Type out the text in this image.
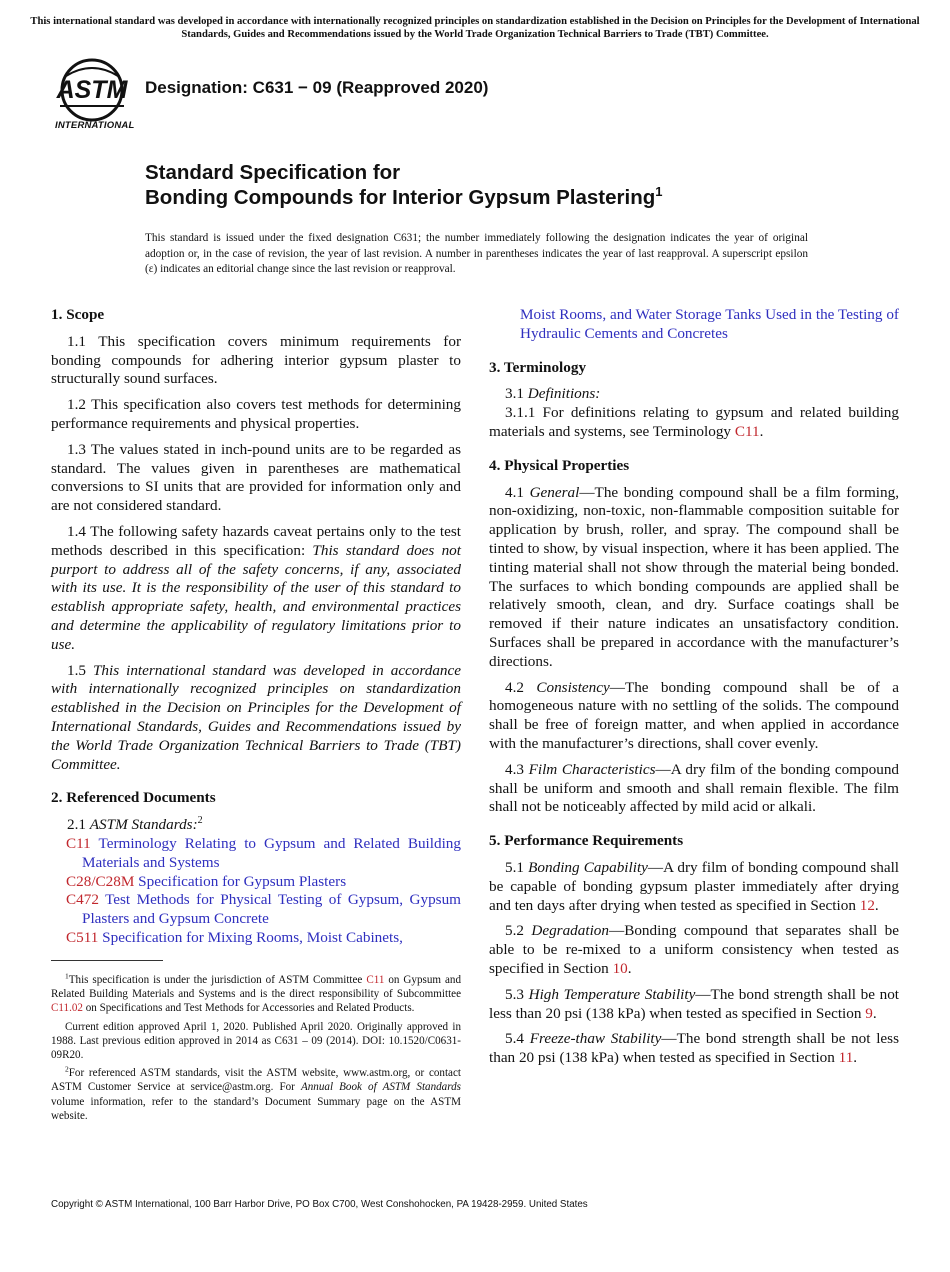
This international standard was developed in accordance with internationally recognized principles on standardization established in the Decision on Principles for the Development of International Standards, Guides and Recommendations issued by the World Trade Organization Technical Barriers to Trade (TBT) Committee.
ASTM
INTERNATIONAL
Designation: C631 − 09 (Reapproved 2020)
Standard Specification for
Bonding Compounds for Interior Gypsum Plastering$^1$
This standard is issued under the fixed designation C631; the number immediately following the designation indicates the year of original adoption or, in the case of revision, the year of last revision. A number in parentheses indicates the year of last reapproval. A superscript epsilon (ε) indicates an editorial change since the last revision or reapproval.
1. Scope

1.1 This specification covers minimum requirements for bonding compounds for adhering interior gypsum plaster to structurally sound surfaces.

1.2 This specification also covers test methods for determining performance requirements and physical properties.

1.3 The values stated in inch-pound units are to be regarded as standard. The values given in parentheses are mathematical conversions to SI units that are provided for information only and are not considered standard.

1.4 The following safety hazards caveat pertains only to the test methods described in this specification: This standard does not purport to address all of the safety concerns, if any, associated with its use. It is the responsibility of the user of this standard to establish appropriate safety, health, and environmental practices and determine the applicability of regulatory limitations prior to use.

1.5 This international standard was developed in accordance with internationally recognized principles on standardization established in the Decision on Principles for the Development of International Standards, Guides and Recommendations issued by the World Trade Organization Technical Barriers to Trade (TBT) Committee.

2. Referenced Documents

2.1 ASTM Standards:$^2$

C11 Terminology Relating to Gypsum and Related Building Materials and Systems

C28/C28M Specification for Gypsum Plasters

C472 Test Methods for Physical Testing of Gypsum, Gypsum Plasters and Gypsum Concrete

C511 Specification for Mixing Rooms, Moist Cabinets,

$^1$This specification is under the jurisdiction of ASTM Committee C11 on Gypsum and Related Building Materials and Systems and is the direct responsibility of Subcommittee C11.02 on Specifications and Test Methods for Accessories and Related Products.

Current edition approved April 1, 2020. Published April 2020. Originally approved in 1988. Last previous edition approved in 2014 as C631 – 09 (2014). DOI: 10.1520/C0631-09R20.

$^2$For referenced ASTM standards, visit the ASTM website, www.astm.org, or contact ASTM Customer Service at service@astm.org. For Annual Book of ASTM Standards volume information, refer to the standard’s Document Summary page on the ASTM website.

Moist Rooms, and Water Storage Tanks Used in the Testing of Hydraulic Cements and Concretes

3. Terminology

3.1 Definitions:

3.1.1 For definitions relating to gypsum and related building materials and systems, see Terminology C11.

4. Physical Properties

4.1 General—The bonding compound shall be a film forming, non-oxidizing, non-toxic, non-flammable composition suitable for application by brush, roller, and spray. The compound shall be tinted to show, by visual inspection, where it has been applied. The tinting material shall not show through the material being bonded. The surfaces to which bonding compounds are applied shall be relatively smooth, clean, and dry. Surface coatings shall be removed if their nature indicates an unsatisfactory condition. Surfaces shall be prepared in accordance with the manufacturer’s directions.

4.2 Consistency—The bonding compound shall be of a homogeneous nature with no settling of the solids. The compound shall be free of foreign matter, and when applied in accordance with the manufacturer’s directions, shall cover evenly.

4.3 Film Characteristics—A dry film of the bonding compound shall be uniform and smooth and shall remain flexible. The film shall not be noticeably affected by mild acid or alkali.

5. Performance Requirements

5.1 Bonding Capability—A dry film of bonding compound shall be capable of bonding gypsum plaster immediately after drying and ten days after drying when tested as specified in Section 12.

5.2 Degradation—Bonding compound that separates shall be able to be re-mixed to a uniform consistency when tested as specified in Section 10.

5.3 High Temperature Stability—The bond strength shall be not less than 20 psi (138 kPa) when tested as specified in Section 9.

5.4 Freeze-thaw Stability—The bond strength shall be not less than 20 psi (138 kPa) when tested as specified in Section 11.

Copyright © ASTM International, 100 Barr Harbor Drive, PO Box C700, West Conshohocken, PA 19428-2959. United States
